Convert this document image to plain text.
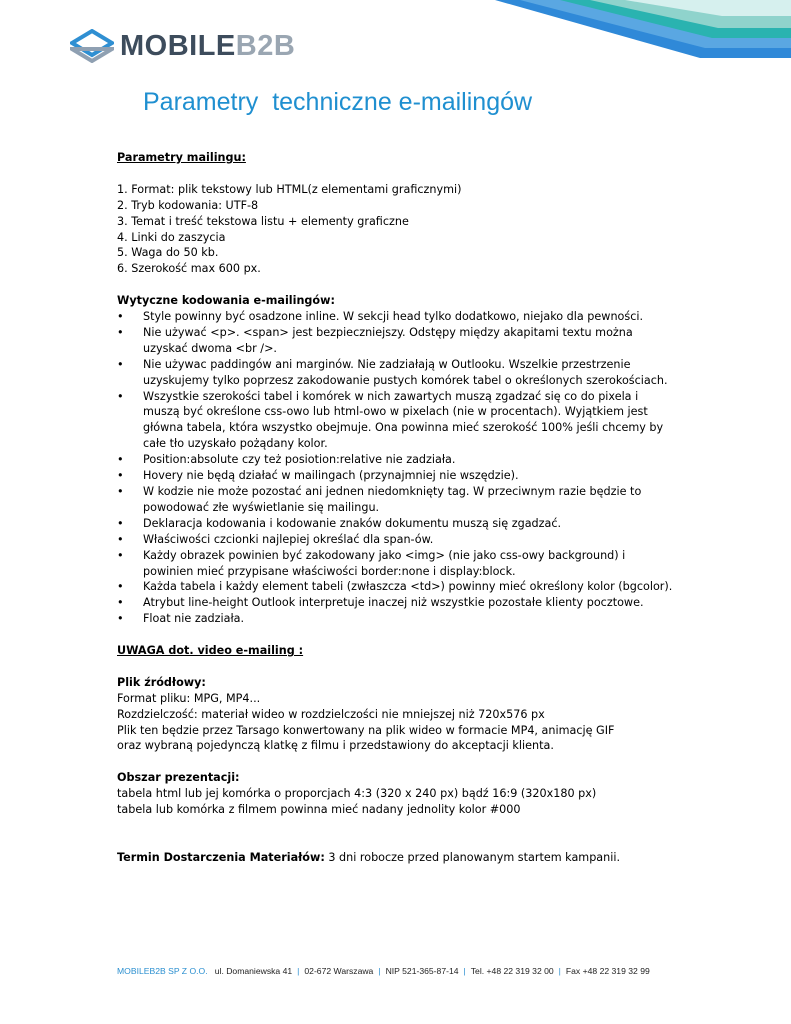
MOBILEB2B
Parametry  techniczne e-mailingów

Parametry mailingu:

1. Format: plik tekstowy lub HTML(z elementami graficznymi)

2. Tryb kodowania: UTF-8

3. Temat i treść tekstowa listu + elementy graficzne

4. Linki do zaszycia

5. Waga do 50 kb.

6. Szerokość max 600 px.

Wytyczne kodowania e-mailingów:

• Style powinny być osadzone inline. W sekcji head tylko dodatkowo, niejako dla pewności.
• Nie używać <p>. <span> jest bezpieczniejszy. Odstępy między akapitami textu można uzyskać dwoma <br />.
• Nie używac paddingów ani marginów. Nie zadziałają w Outlooku. Wszelkie przestrzenie uzyskujemy tylko poprzesz zakodowanie pustych komórek tabel o określonych szerokościach.
• Wszystkie szerokości tabel i komórek w nich zawartych muszą zgadzać się co do pixela i muszą być określone css-owo lub html-owo w pixelach (nie w procentach). Wyjątkiem jest główna tabela, która wszystko obejmuje. Ona powinna mieć szerokość 100% jeśli chcemy by całe tło uzyskało pożądany kolor.
• Position:absolute czy też posiotion:relative nie zadziała.
• Hovery nie będą działać w mailingach (przynajmniej nie wszędzie).
• W kodzie nie może pozostać ani jednen niedomknięty tag. W przeciwnym razie będzie to powodować złe wyświetlanie się mailingu.
• Deklaracja kodowania i kodowanie znaków dokumentu muszą się zgadzać.
• Właściwości czcionki najlepiej określać dla span-ów.
• Każdy obrazek powinien być zakodowany jako <img> (nie jako css-owy background) i powinien mieć przypisane właściwości border:none i display:block.
• Każda tabela i każdy element tabeli (zwłaszcza <td>) powinny mieć określony kolor (bgcolor).
• Atrybut line-height Outlook interpretuje inaczej niż wszystkie pozostałe klienty pocztowe.
• Float nie zadziała.

UWAGA dot. video e-mailing :

Plik źródłowy:

Format pliku: MPG, MP4...

Rozdzielczość: materiał wideo w rozdzielczości nie mniejszej niż 720x576 px

Plik ten będzie przez Tarsago konwertowany na plik wideo w formacie MP4, animację GIF

oraz wybraną pojedynczą klatkę z filmu i przedstawiony do akceptacji klienta.

Obszar prezentacji:

tabela html lub jej komórka o proporcjach 4:3 (320 x 240 px) bądź 16:9 (320x180 px)

tabela lub komórka z filmem powinna mieć nadany jednolity kolor #000

Termin Dostarczenia Materiałów: 3 dni robocze przed planowanym startem kampanii.

MOBILEB2B SP Z O.O. ul. Domaniewska 41 | 02-672 Warszawa | NIP 521-365-87-14 | Tel. +48 22 319 32 00 | Fax +48 22 319 32 99
